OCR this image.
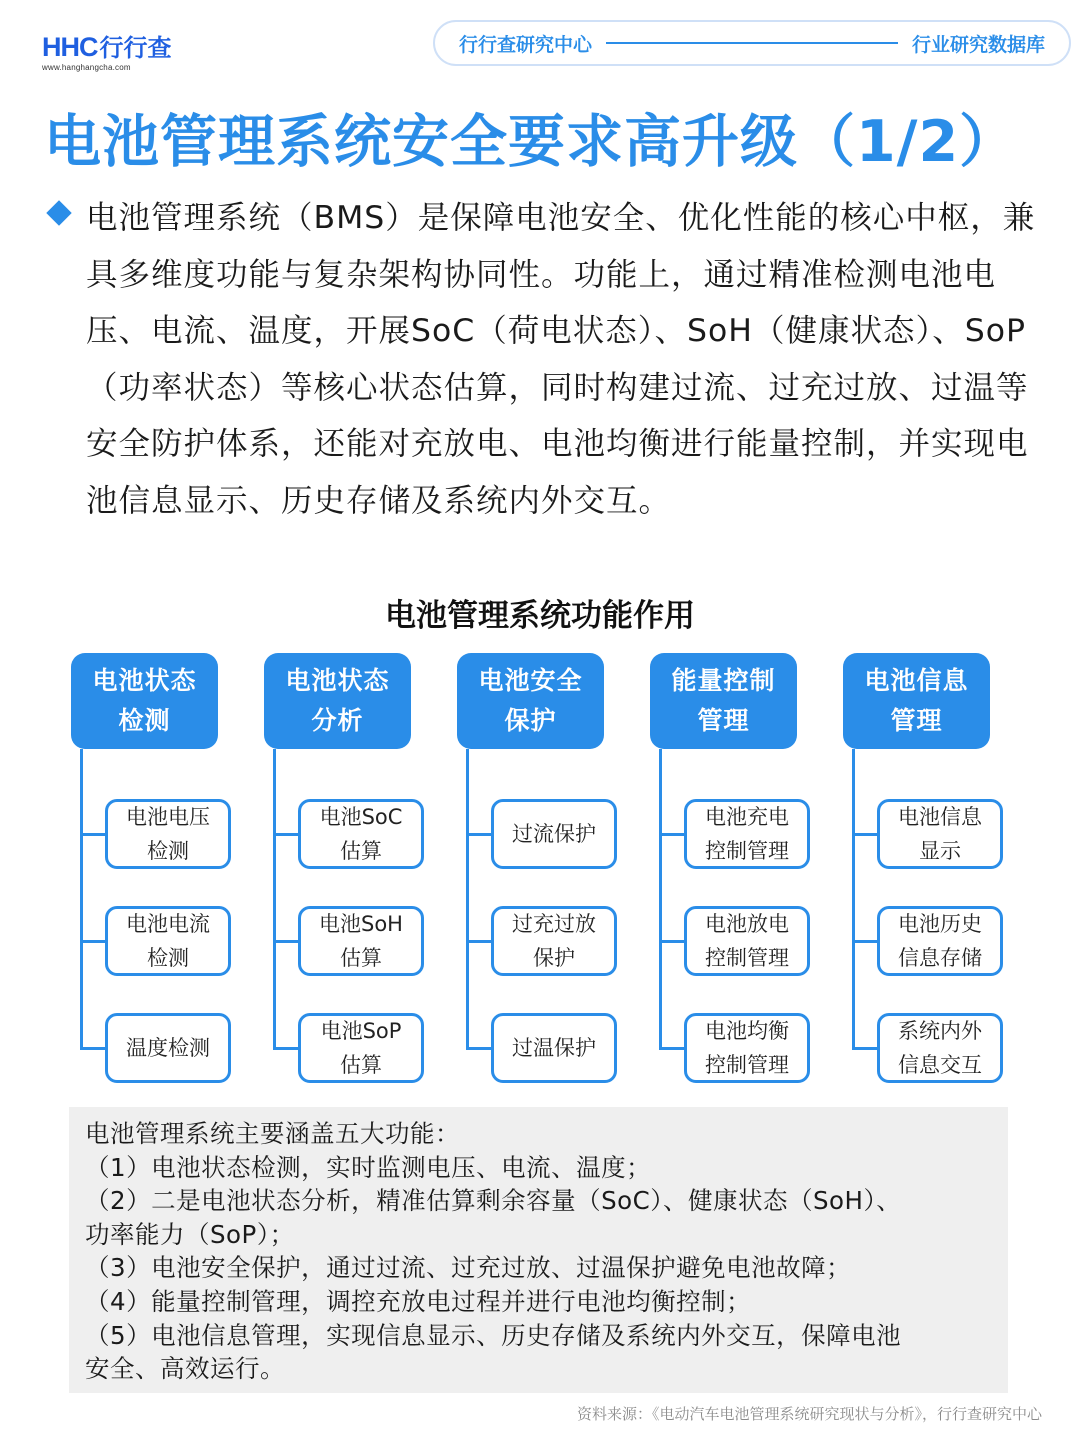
HHC 行行查
www.hanghangcha.com
行行查研究中心	行业研究数据库
电池管理系统安全要求高升级（1/2）

电池管理系统（BMS）是保障电池安全、优化性能的核心中枢，兼具多维度功能与复杂架构协同性。功能上，通过精准检测电池电压、电流、温度，开展SoC（荷电状态）、SoH（健康状态）、SoP（功率状态）等核心状态估算，同时构建过流、过充过放、过温等安全防护体系，还能对充放电、电池均衡进行能量控制，并实现电池信息显示、历史存储及系统内外交互。

电池管理系统功能作用
电池状态
检测
电池电压
检测
电池电流
检测
温度检测
电池状态
分析
电池SoC
估算
电池SoH
估算
电池SoP
估算
电池安全
保护
过流保护
过充过放
保护
过温保护
能量控制
管理
电池充电
控制管理
电池放电
控制管理
电池均衡
控制管理
电池信息
管理
电池信息
显示
电池历史
信息存储
系统内外
信息交互

电池管理系统主要涵盖五大功能：

（1）电池状态检测，实时监测电压、电流、温度；

（2）二是电池状态分析，精准估算剩余容量（SoC）、健康状态（SoH）、

功率能力（SoP）；

（3）电池安全保护，通过过流、过充过放、过温保护避免电池故障；

（4）能量控制管理，调控充放电过程并进行电池均衡控制；

（5）电池信息管理，实现信息显示、历史存储及系统内外交互，保障电池

安全、高效运行。

资料来源：《电动汽车电池管理系统研究现状与分析》，行行查研究中心
